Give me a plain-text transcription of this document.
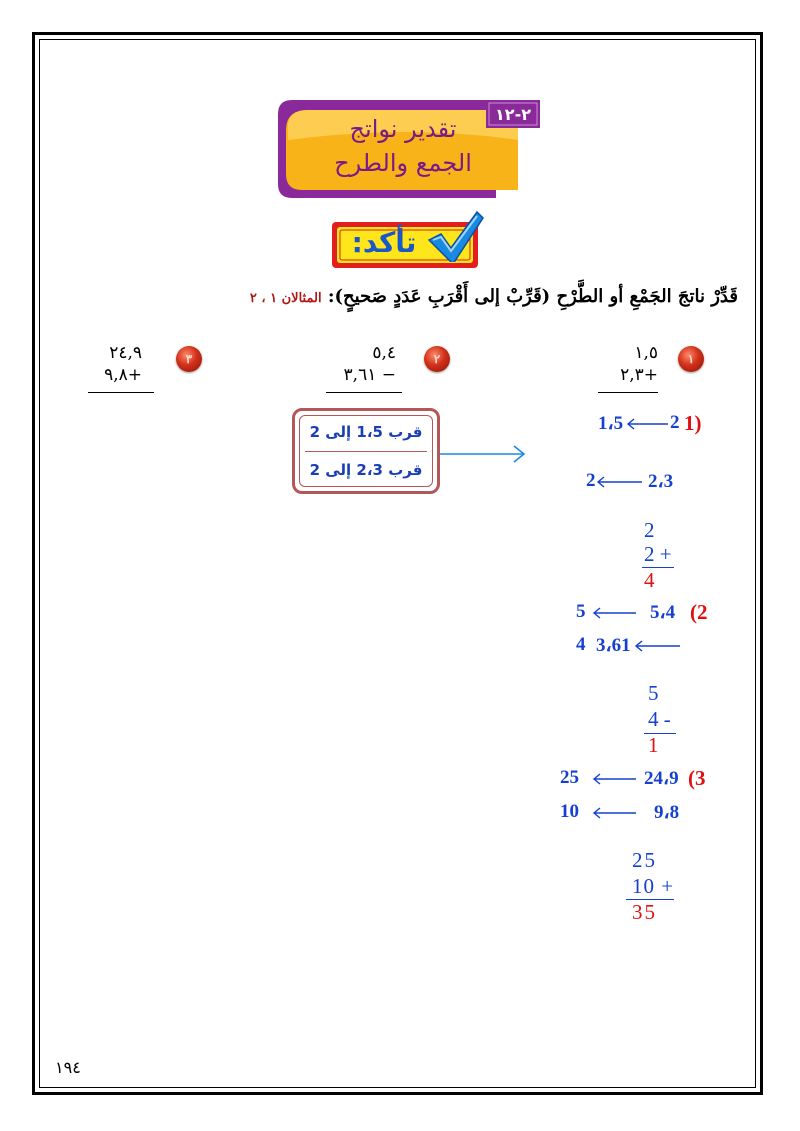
٢-١٢
تقدير نواتج
الجمع والطرح
تأكد:
قَدِّرْ ناتجَ الجَمْعِ أو الطَّرْحِ (قَرِّبْ إلى أَقْرَبِ عَدَدٍ صَحيحٍ): المثالان ١ ، ٢
١
١,٥
٢,٣+
٢
٥,٤
٣,٦١ −
٣
٢٤,٩
٩,٨+
قرب 1،5 إلى 2
قرب 2،3 إلى 2
1،5 2 1)
2	2،3
2
2 +
4
5	5،4 (2
4 3،61
5
4 -
1
25	24،9 (3
10	9،8
25
10 +
35
١٩٤
